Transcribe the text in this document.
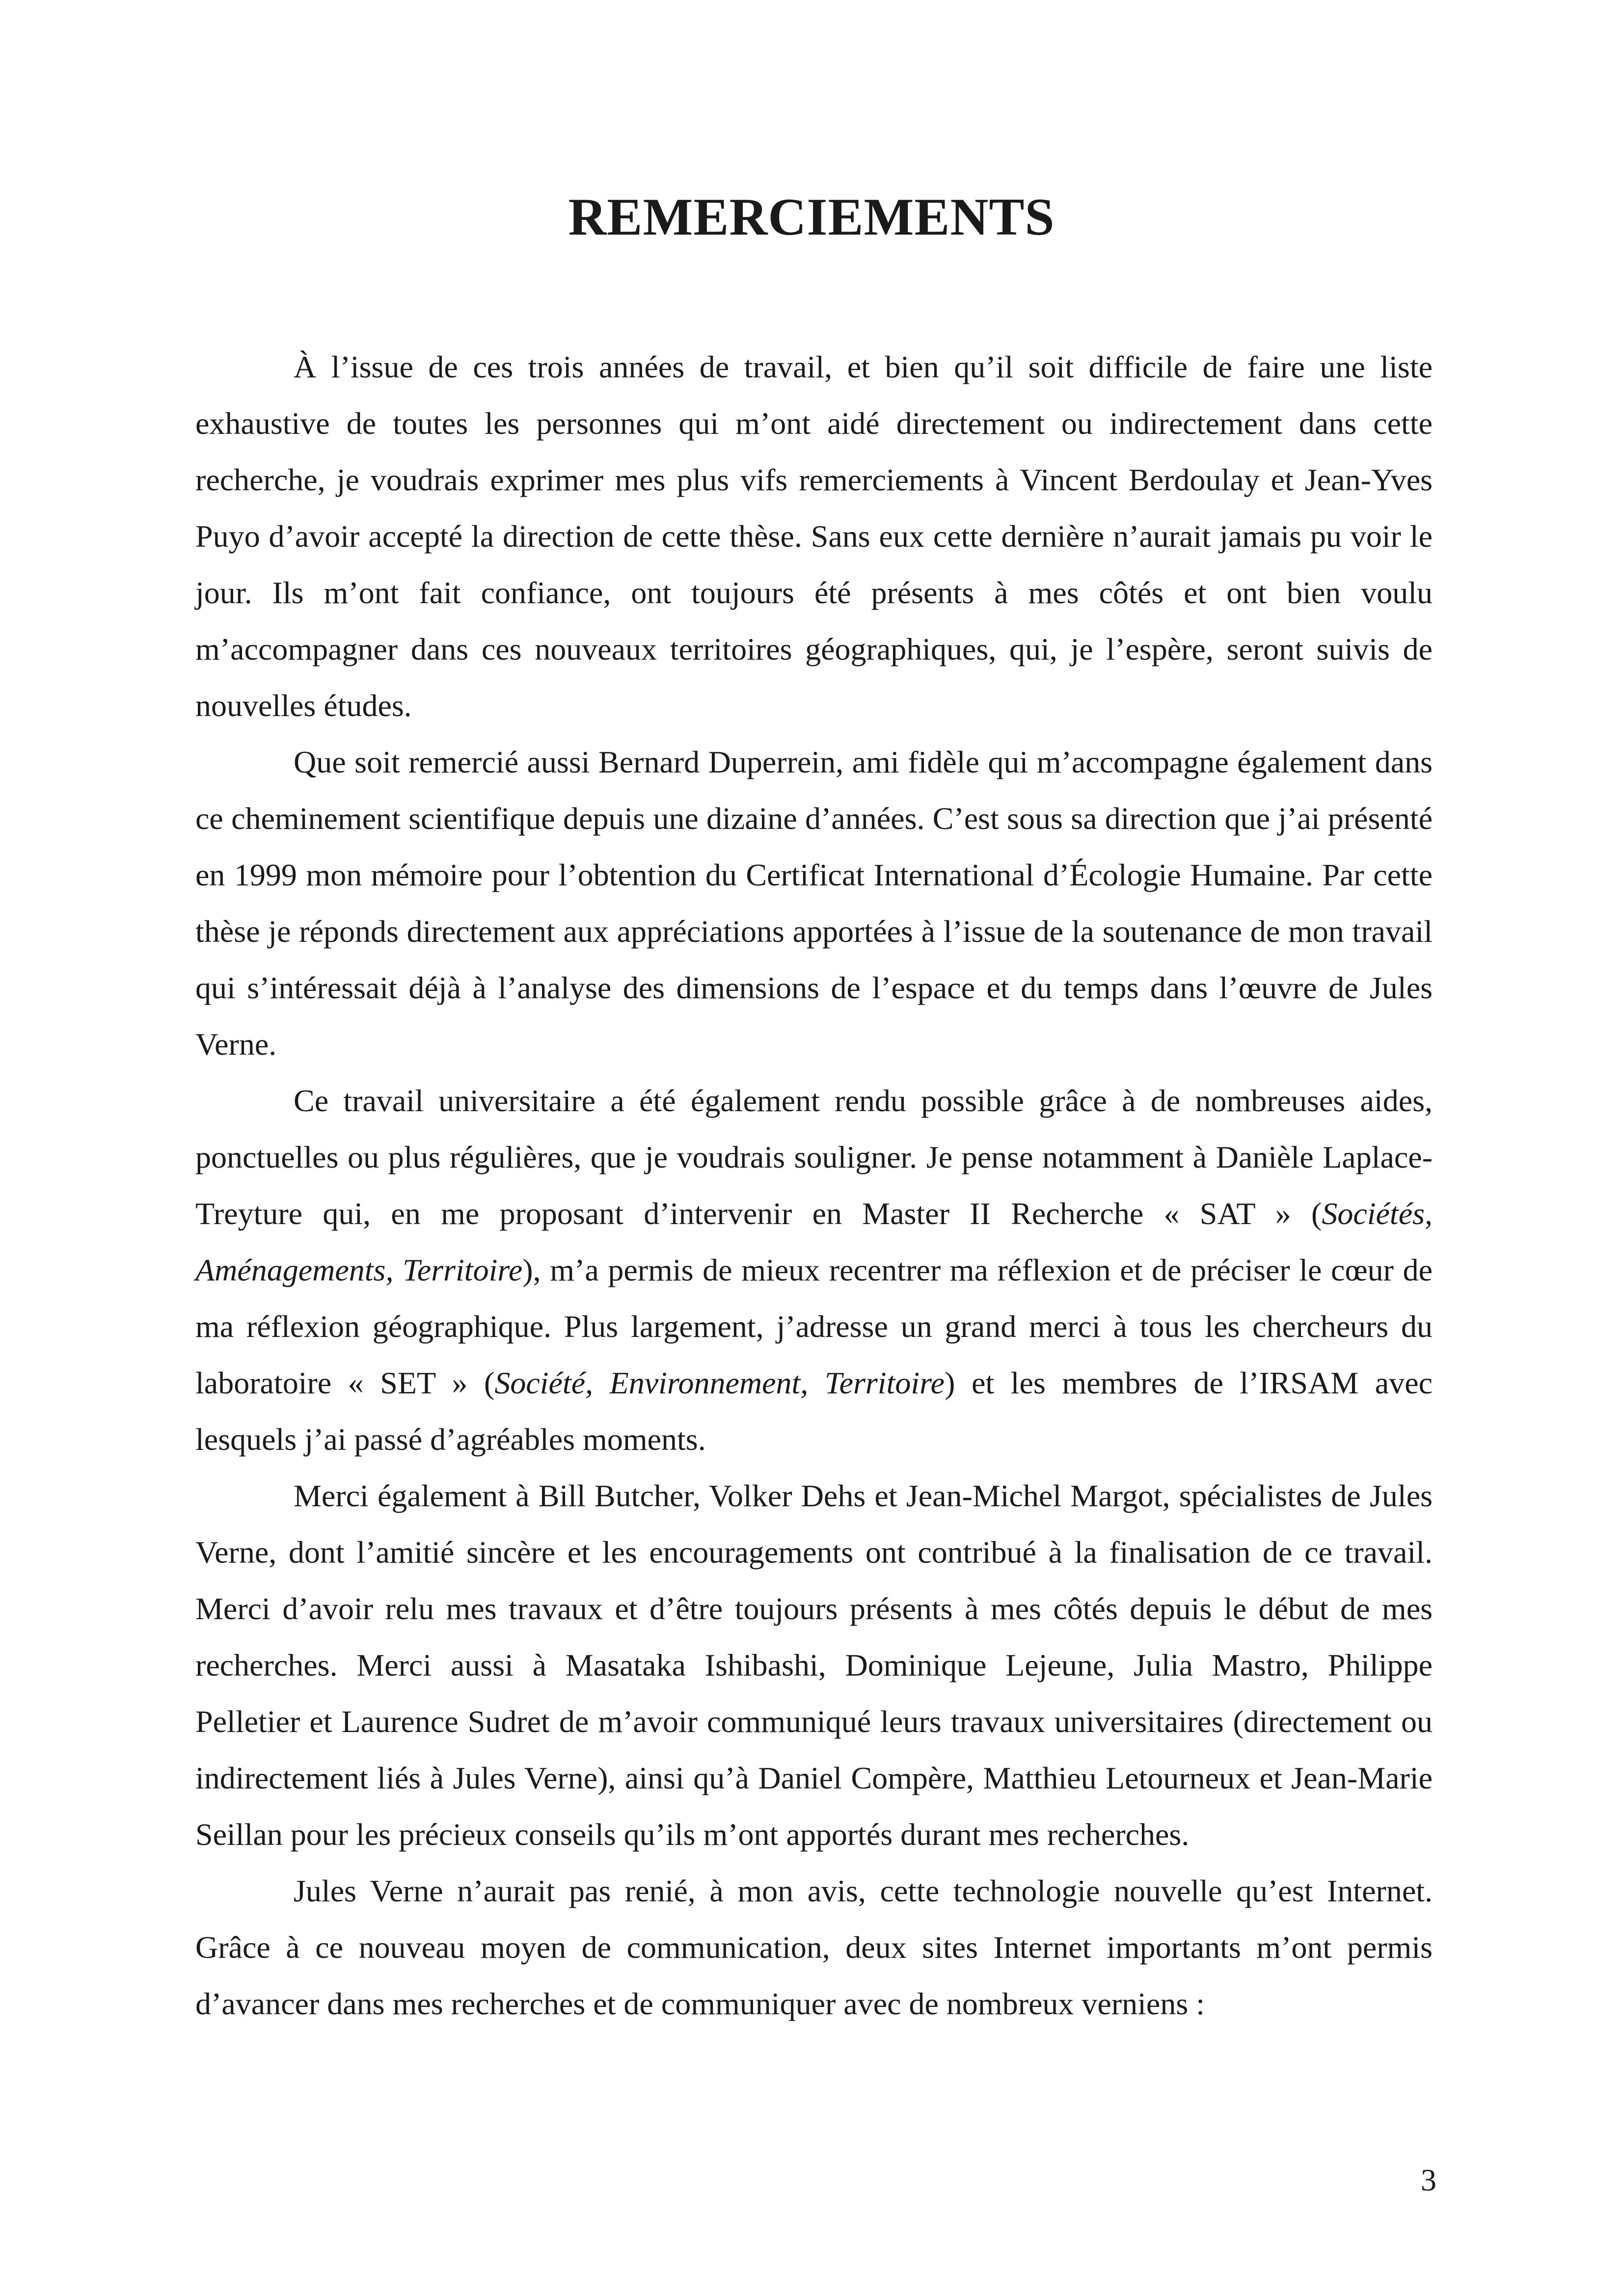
REMERCIEMENTS

À l’issue de ces trois années de travail, et bien qu’il soit difficile de faire une liste exhaustive de toutes les personnes qui m’ont aidé directement ou indirectement dans cette recherche, je voudrais exprimer mes plus vifs remerciements à Vincent Berdoulay et Jean-Yves Puyo d’avoir accepté la direction de cette thèse. Sans eux cette dernière n’aurait jamais pu voir le jour. Ils m’ont fait confiance, ont toujours été présents à mes côtés et ont bien voulu m’accompagner dans ces nouveaux territoires géographiques, qui, je l’espère, seront suivis de nouvelles études.

Que soit remercié aussi Bernard Duperrein, ami fidèle qui m’accompagne également dans ce cheminement scientifique depuis une dizaine d’années. C’est sous sa direction que j’ai présenté en 1999 mon mémoire pour l’obtention du Certificat International d’Écologie Humaine. Par cette thèse je réponds directement aux appréciations apportées à l’issue de la soutenance de mon travail qui s’intéressait déjà à l’analyse des dimensions de l’espace et du temps dans l’œuvre de Jules Verne.

Ce travail universitaire a été également rendu possible grâce à de nombreuses aides, ponctuelles ou plus régulières, que je voudrais souligner. Je pense notamment à Danièle Laplace-Treyture qui, en me proposant d’intervenir en Master II Recherche « SAT » (Sociétés, Aménagements, Territoire), m’a permis de mieux recentrer ma réflexion et de préciser le cœur de ma réflexion géographique. Plus largement, j’adresse un grand merci à tous les chercheurs du laboratoire « SET » (Société, Environnement, Territoire) et les membres de l’IRSAM avec lesquels j’ai passé d’agréables moments.

Merci également à Bill Butcher, Volker Dehs et Jean-Michel Margot, spécialistes de Jules Verne, dont l’amitié sincère et les encouragements ont contribué à la finalisation de ce travail. Merci d’avoir relu mes travaux et d’être toujours présents à mes côtés depuis le début de mes recherches. Merci aussi à Masataka Ishibashi, Dominique Lejeune, Julia Mastro, Philippe Pelletier et Laurence Sudret de m’avoir communiqué leurs travaux universitaires (directement ou indirectement liés à Jules Verne), ainsi qu’à Daniel Compère, Matthieu Letourneux et Jean-Marie Seillan pour les précieux conseils qu’ils m’ont apportés durant mes recherches.

Jules Verne n’aurait pas renié, à mon avis, cette technologie nouvelle qu’est Internet. Grâce à ce nouveau moyen de communication, deux sites Internet importants m’ont permis d’avancer dans mes recherches et de communiquer avec de nombreux verniens :

3
